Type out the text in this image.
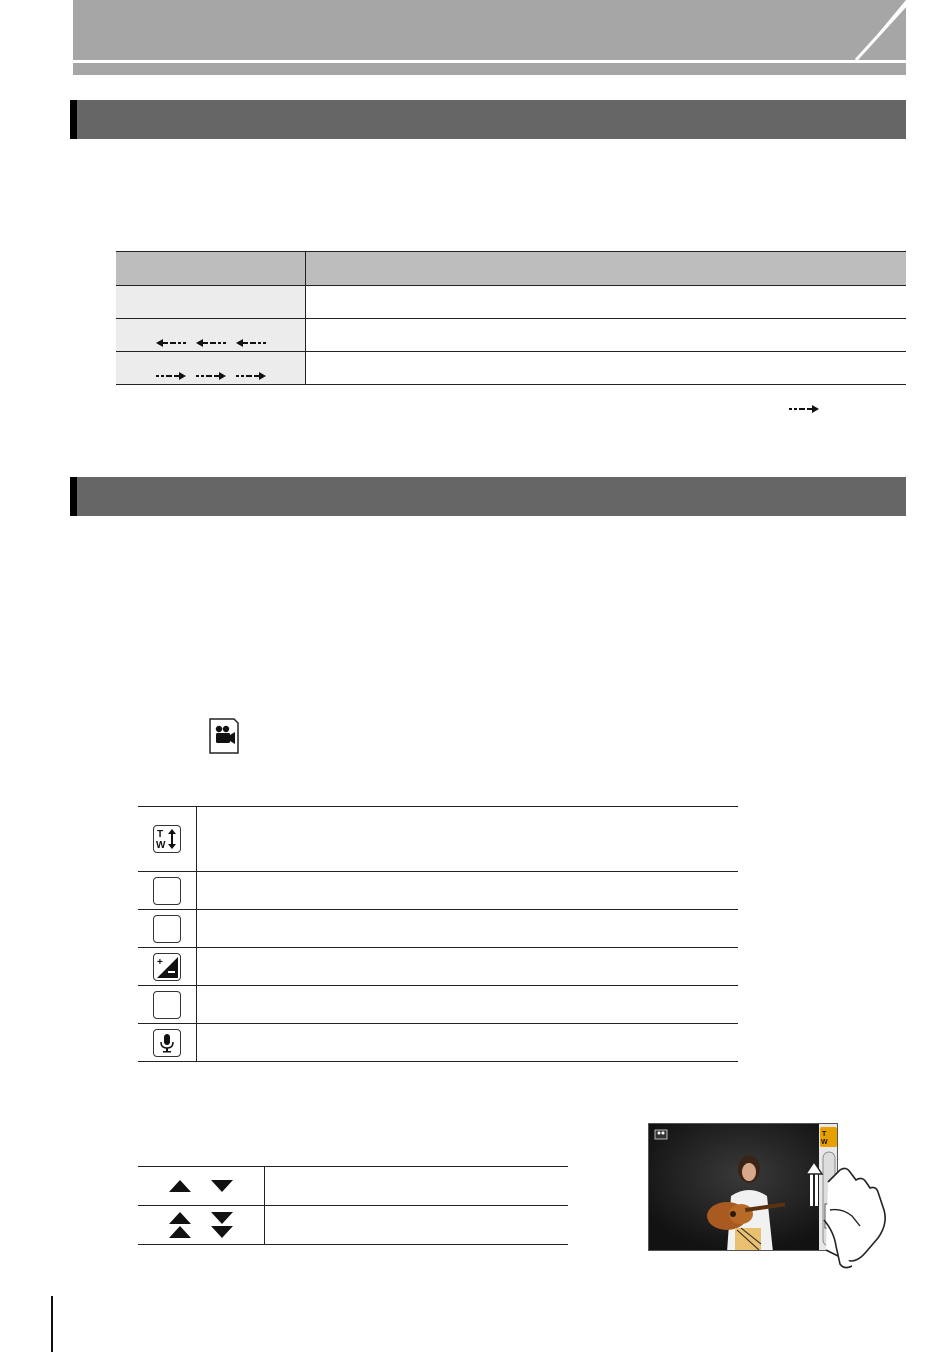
T
W
+
T
W
